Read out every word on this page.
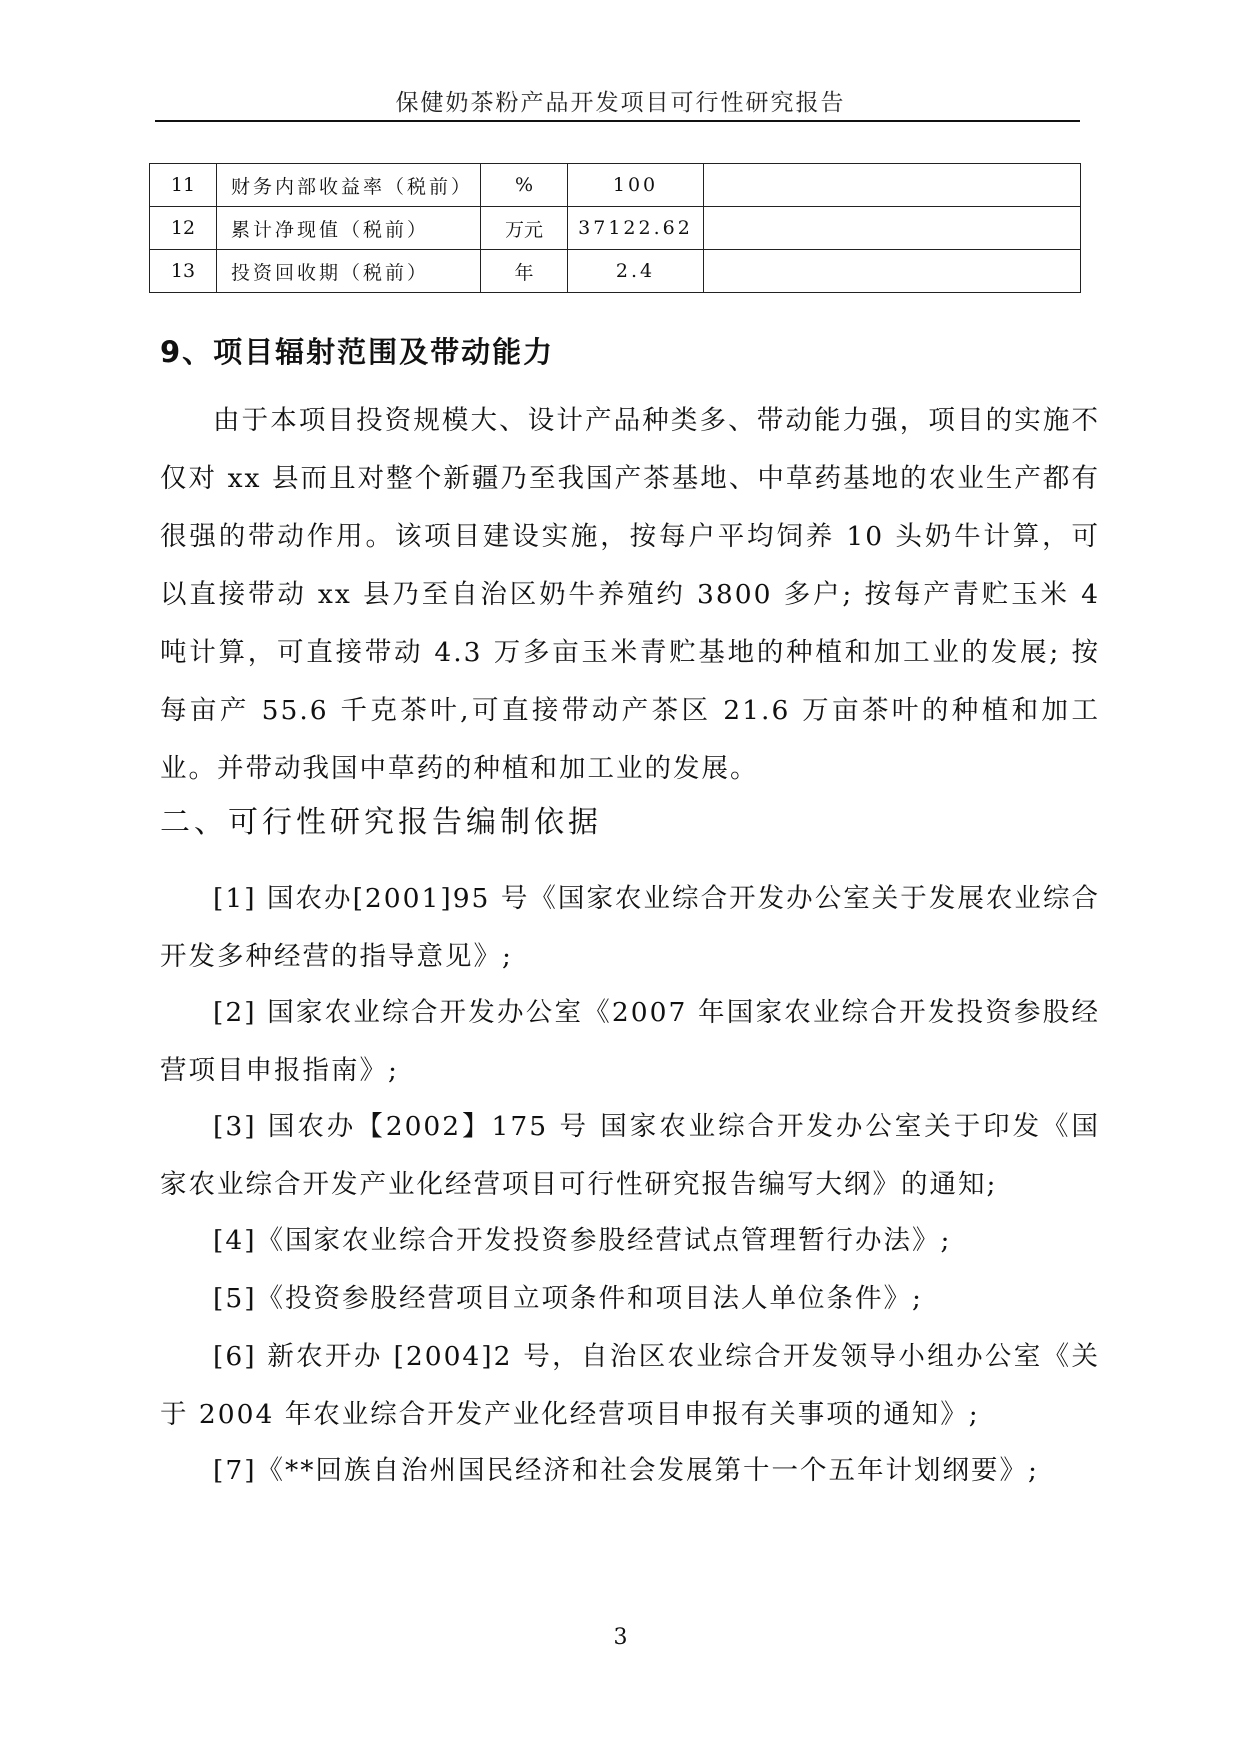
保健奶茶粉产品开发项目可行性研究报告
11	财务内部收益率（税前）	%	100	
12	累计净现值（税前）	万元	37122.62	
13	投资回收期（税前）	年	2.4	
9、项目辐射范围及带动能力

由于本项目投资规模大、设计产品种类多、带动能力强，项目的实施不仅对 xx 县而且对整个新疆乃至我国产茶基地、中草药基地的农业生产都有很强的带动作用。该项目建设实施，按每户平均饲养 10 头奶牛计算，可以直接带动 xx 县乃至自治区奶牛养殖约 3800 多户; 按每产青贮玉米 4 吨计算，可直接带动 4.3 万多亩玉米青贮基地的种植和加工业的发展; 按每亩产 55.6 千克茶叶,可直接带动产茶区 21.6 万亩茶叶的种植和加工业。并带动我国中草药的种植和加工业的发展。

二、可行性研究报告编制依据

[1] 国农办[2001]95 号《国家农业综合开发办公室关于发展农业综合开发多种经营的指导意见》;

[2] 国家农业综合开发办公室《2007 年国家农业综合开发投资参股经营项目申报指南》;

[3] 国农办【2002】175 号 国家农业综合开发办公室关于印发《国家农业综合开发产业化经营项目可行性研究报告编写大纲》的通知;

[4]《国家农业综合开发投资参股经营试点管理暂行办法》;

[5]《投资参股经营项目立项条件和项目法人单位条件》;

[6] 新农开办 [2004]2 号，自治区农业综合开发领导小组办公室《关于 2004 年农业综合开发产业化经营项目申报有关事项的通知》;

[7]《**回族自治州国民经济和社会发展第十一个五年计划纲要》;

3
